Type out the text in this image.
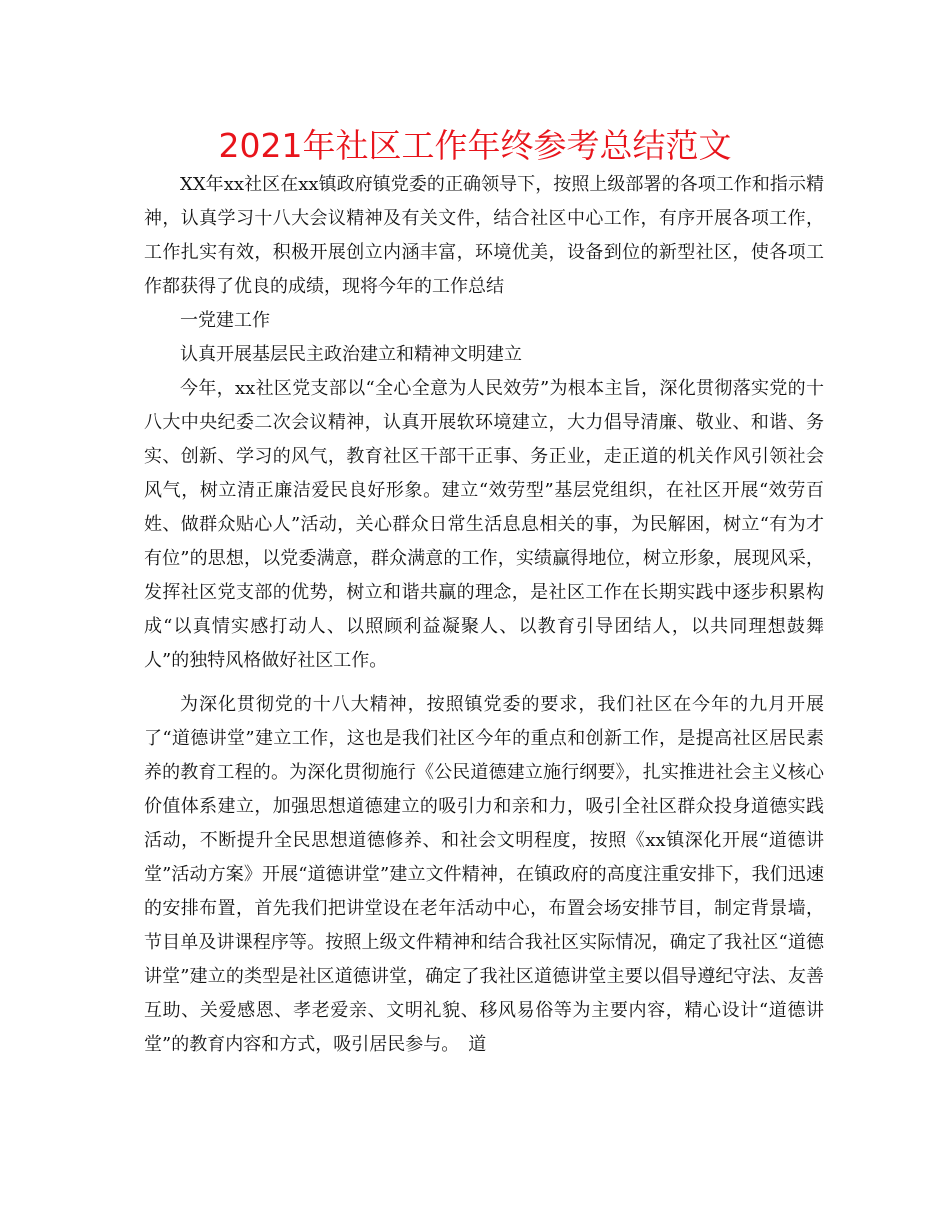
2021年社区工作年终参考总结范文

XX年xx社区在xx镇政府镇党委的正确领导下，按照上级部署的各项工作和指示精神，认真学习十八大会议精神及有关文件，结合社区中心工作，有序开展各项工作，工作扎实有效，积极开展创立内涵丰富，环境优美，设备到位的新型社区，使各项工作都获得了优良的成绩，现将今年的工作总结

一党建工作

认真开展基层民主政治建立和精神文明建立

今年，xx社区党支部以“全心全意为人民效劳”为根本主旨，深化贯彻落实党的十八大中央纪委二次会议精神，认真开展软环境建立，大力倡导清廉、敬业、和谐、务实、创新、学习的风气，教育社区干部干正事、务正业，走正道的机关作风引领社会风气，树立清正廉洁爱民良好形象。建立“效劳型”基层党组织，在社区开展“效劳百姓、做群众贴心人”活动，关心群众日常生活息息相关的事，为民解困，树立“有为才有位”的思想，以党委满意，群众满意的工作，实绩赢得地位，树立形象，展现风采，发挥社区党支部的优势，树立和谐共赢的理念，是社区工作在长期实践中逐步积累构成“以真情实感打动人、以照顾利益凝聚人、以教育引导团结人，以共同理想鼓舞人”的独特风格做好社区工作。

为深化贯彻党的十八大精神，按照镇党委的要求，我们社区在今年的九月开展了“道德讲堂”建立工作，这也是我们社区今年的重点和创新工作，是提高社区居民素养的教育工程的。为深化贯彻施行《公民道德建立施行纲要》，扎实推进社会主义核心价值体系建立，加强思想道德建立的吸引力和亲和力，吸引全社区群众投身道德实践活动，不断提升全民思想道德修养、和社会文明程度，按照《xx镇深化开展“道德讲堂”活动方案》开展“道德讲堂”建立文件精神，在镇政府的高度注重安排下，我们迅速的安排布置，首先我们把讲堂设在老年活动中心，布置会场安排节目，制定背景墙，节目单及讲课程序等。按照上级文件精神和结合我社区实际情况，确定了我社区“道德讲堂”建立的类型是社区道德讲堂，确定了我社区道德讲堂主要以倡导遵纪守法、友善互助、关爱感恩、孝老爱亲、文明礼貌、移风易俗等为主要内容，精心设计“道德讲堂”的教育内容和方式，吸引居民参与。　道
